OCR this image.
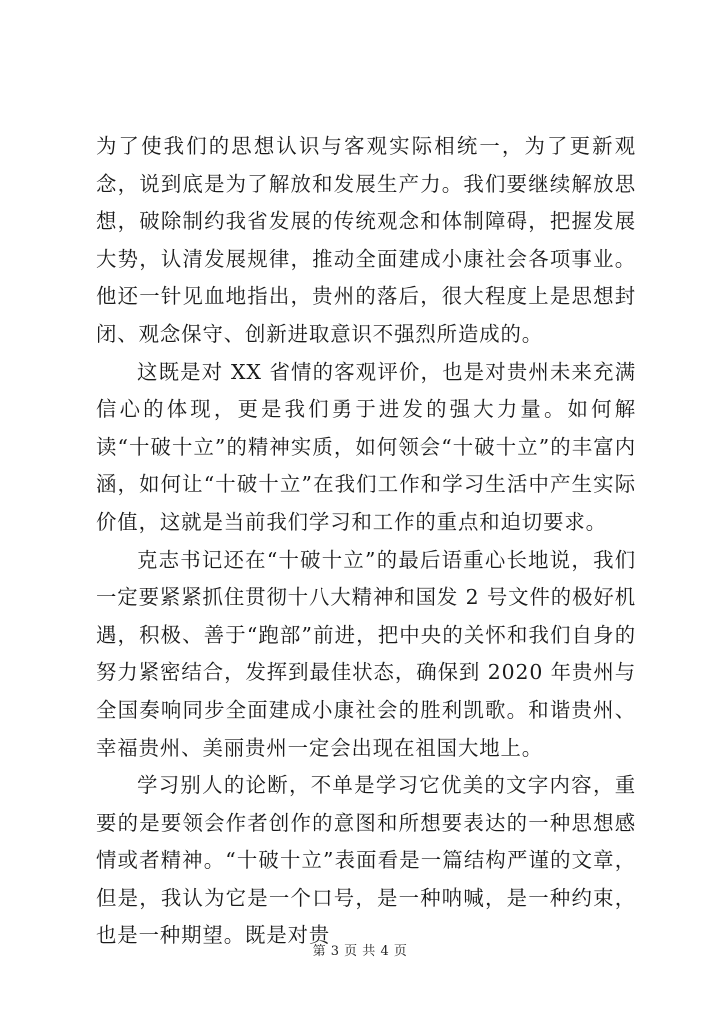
为了使我们的思想认识与客观实际相统一，为了更新观念，说到底是为了解放和发展生产力。我们要继续解放思想，破除制约我省发展的传统观念和体制障碍，把握发展大势，认清发展规律，推动全面建成小康社会各项事业。他还一针见血地指出，贵州的落后，很大程度上是思想封闭、观念保守、创新进取意识不强烈所造成的。

这既是对 XX 省情的客观评价，也是对贵州未来充满信心的体现，更是我们勇于进发的强大力量。如何解读“十破十立”的精神实质，如何领会“十破十立”的丰富内涵，如何让“十破十立”在我们工作和学习生活中产生实际价值，这就是当前我们学习和工作的重点和迫切要求。

克志书记还在“十破十立”的最后语重心长地说，我们一定要紧紧抓住贯彻十八大精神和国发 2 号文件的极好机遇，积极、善于“跑部”前进，把中央的关怀和我们自身的努力紧密结合，发挥到最佳状态，确保到 2020 年贵州与全国奏响同步全面建成小康社会的胜利凯歌。和谐贵州、幸福贵州、美丽贵州一定会出现在祖国大地上。

学习别人的论断，不单是学习它优美的文字内容，重要的是要领会作者创作的意图和所想要表达的一种思想感情或者精神。“十破十立”表面看是一篇结构严谨的文章，但是，我认为它是一个口号，是一种呐喊，是一种约束，也是一种期望。既是对贵

第 3 页 共 4 页
